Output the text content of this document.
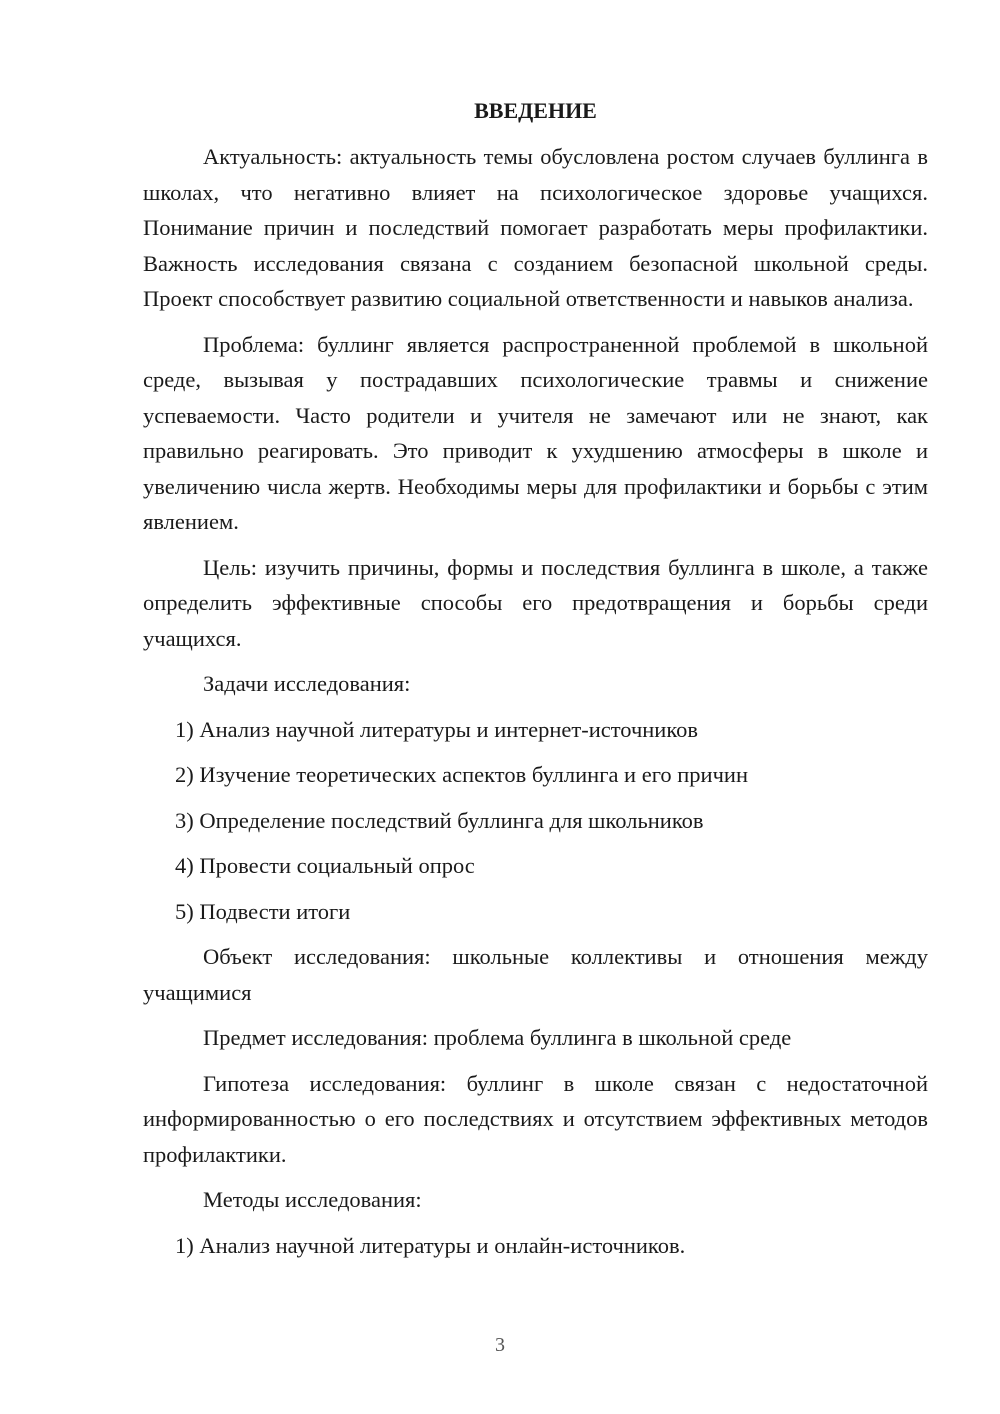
ВВЕДЕНИЕ

Актуальность: актуальность темы обусловлена ростом случаев буллинга в школах, что негативно влияет на психологическое здоровье учащихся. Понимание причин и последствий помогает разработать меры профилактики. Важность исследования связана с созданием безопасной школьной среды. Проект способствует развитию социальной ответственности и навыков анализа.

Проблема: буллинг является распространенной проблемой в школьной среде, вызывая у пострадавших психологические травмы и снижение успеваемости. Часто родители и учителя не замечают или не знают, как правильно реагировать. Это приводит к ухудшению атмосферы в школе и увеличению числа жертв. Необходимы меры для профилактики и борьбы с этим явлением.

Цель: изучить причины, формы и последствия буллинга в школе, а также определить эффективные способы его предотвращения и борьбы среди учащихся.

Задачи исследования:

1) Анализ научной литературы и интернет-источников

2) Изучение теоретических аспектов буллинга и его причин

3) Определение последствий буллинга для школьников

4) Провести социальный опрос

5) Подвести итоги

Объект исследования: школьные коллективы и отношения между учащимися

Предмет исследования: проблема буллинга в школьной среде

Гипотеза исследования: буллинг в школе связан с недостаточной информированностью о его последствиях и отсутствием эффективных методов профилактики.

Методы исследования:

1) Анализ научной литературы и онлайн-источников.

3
